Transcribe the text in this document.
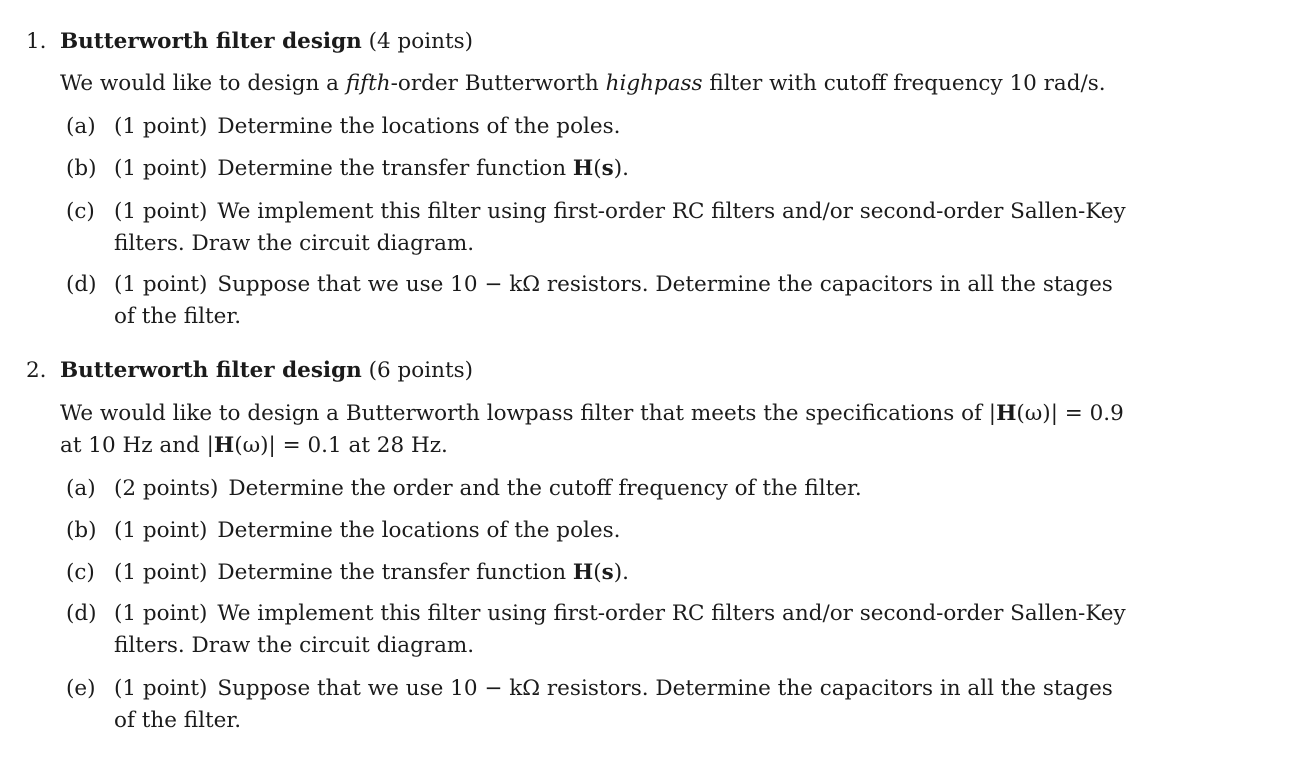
1. Butterworth filter design (4 points)
We would like to design a fifth-order Butterworth highpass filter with cutoff frequency 10 rad/s.
(a) (1 point) Determine the locations of the poles.
(b) (1 point) Determine the transfer function H(s).
(c) (1 point) We implement this filter using first-order RC filters and/or second-order Sallen-Key filters. Draw the circuit diagram.
(d) (1 point) Suppose that we use 10 − kΩ resistors. Determine the capacitors in all the stages of the filter.
2. Butterworth filter design (6 points)
We would like to design a Butterworth lowpass filter that meets the specifications of |H(ω)| = 0.9 at 10 Hz and |H(ω)| = 0.1 at 28 Hz.
(a) (2 points) Determine the order and the cutoff frequency of the filter.
(b) (1 point) Determine the locations of the poles.
(c) (1 point) Determine the transfer function H(s).
(d) (1 point) We implement this filter using first-order RC filters and/or second-order Sallen-Key filters. Draw the circuit diagram.
(e) (1 point) Suppose that we use 10 − kΩ resistors. Determine the capacitors in all the stages of the filter.
